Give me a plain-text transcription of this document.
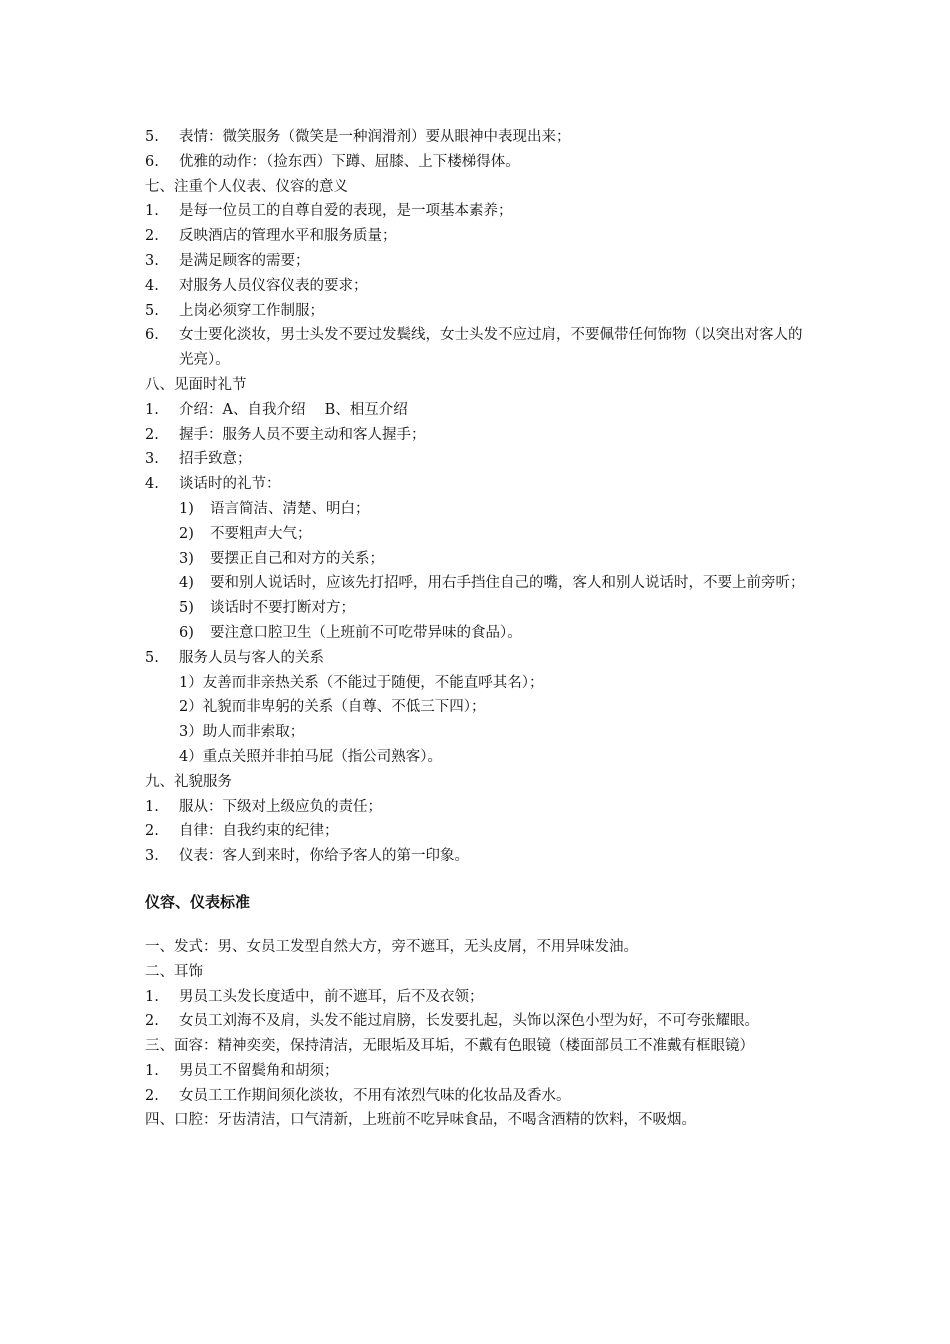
5. 表情：微笑服务（微笑是一种润滑剂）要从眼神中表现出来；
6. 优雅的动作：（捡东西）下蹲、屈膝、上下楼梯得体。
七、注重个人仪表、仪容的意义
1. 是每一位员工的自尊自爱的表现，是一项基本素养；
2. 反映酒店的管理水平和服务质量；
3. 是满足顾客的需要；
4. 对服务人员仪容仪表的要求；
5. 上岗必须穿工作制服；
6. 女士要化淡妆，男士头发不要过发鬓线，女士头发不应过肩，不要佩带任何饰物（以突出对客人的光亮）。
八、见面时礼节
1. 介绍：A、自我介绍　 B、相互介绍
2. 握手：服务人员不要主动和客人握手；
3. 招手致意；
4. 谈话时的礼节：
1) 语言简洁、清楚、明白；
2) 不要粗声大气；
3) 要摆正自己和对方的关系；
4) 要和别人说话时，应该先打招呼，用右手挡住自己的嘴，客人和别人说话时，不要上前旁听；
5) 谈话时不要打断对方；
6) 要注意口腔卫生（上班前不可吃带异味的食品）。
5. 服务人员与客人的关系
1）友善而非亲热关系（不能过于随便，不能直呼其名）；
2）礼貌而非卑躬的关系（自尊、不低三下四）；
3）助人而非索取；
4）重点关照并非拍马屁（指公司熟客）。
九、礼貌服务
1. 服从：下级对上级应负的责任；
2. 自律：自我约束的纪律；
3. 仪表：客人到来时，你给予客人的第一印象。
仪容、仪表标准
一、发式：男、女员工发型自然大方，旁不遮耳，无头皮屑，不用异味发油。
二、耳饰
1. 男员工头发长度适中，前不遮耳，后不及衣领；
2. 女员工刘海不及肩，头发不能过肩膀，长发要扎起，头饰以深色小型为好，不可夸张耀眼。
三、面容：精神奕奕，保持清洁，无眼垢及耳垢，不戴有色眼镜（楼面部员工不准戴有框眼镜）
1. 男员工不留鬓角和胡须；
2. 女员工工作期间须化淡妆，不用有浓烈气味的化妆品及香水。
四、口腔：牙齿清洁，口气清新，上班前不吃异味食品，不喝含酒精的饮料，不吸烟。
